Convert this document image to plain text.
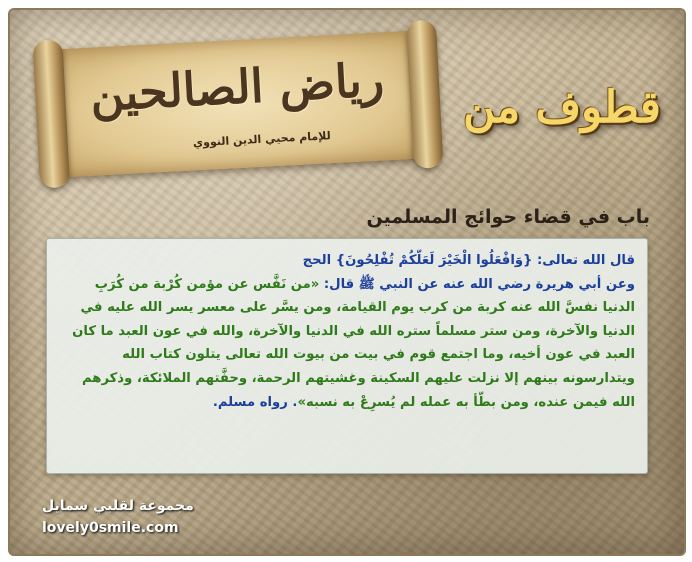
رياض الصالحين
للإمام محيي الدين النووي
قطوف من
باب في قضاء حوائج المسلمين
قال الله تعالى: {وَافْعَلُوا الْخَيْرَ لَعَلَّكُمْ تُفْلِحُونَ} الحج
وعن أبي هريرة رضي الله عنه عن النبي ﷺ قال: «من نَفَّس عن مؤمن كُرْبة من كُرَبِ
الدنيا نفسَّ الله عنه كربة من كرب يوم القيامة، ومن يسَّر على معسر يسر الله عليه في
الدنيا والآخرة، ومن ستر مسلماً ستره الله في الدنيا والآخرة، والله في عون العبد ما كان
العبد في عون أخيه، وما اجتمع قوم في بيت من بيوت الله تعالى يتلون كتاب الله
ويتدارسونه بينهم إلا نزلت عليهم السكينة وغشيتهم الرحمة، وحفَّتهم الملائكة، وذكرهم
الله فيمن عنده، ومن بطَّأ به عمله لم يُسرِعْ به نسبه». رواه مسلم.
مجموعة لقلبي سمايل
lovely0smile.com
